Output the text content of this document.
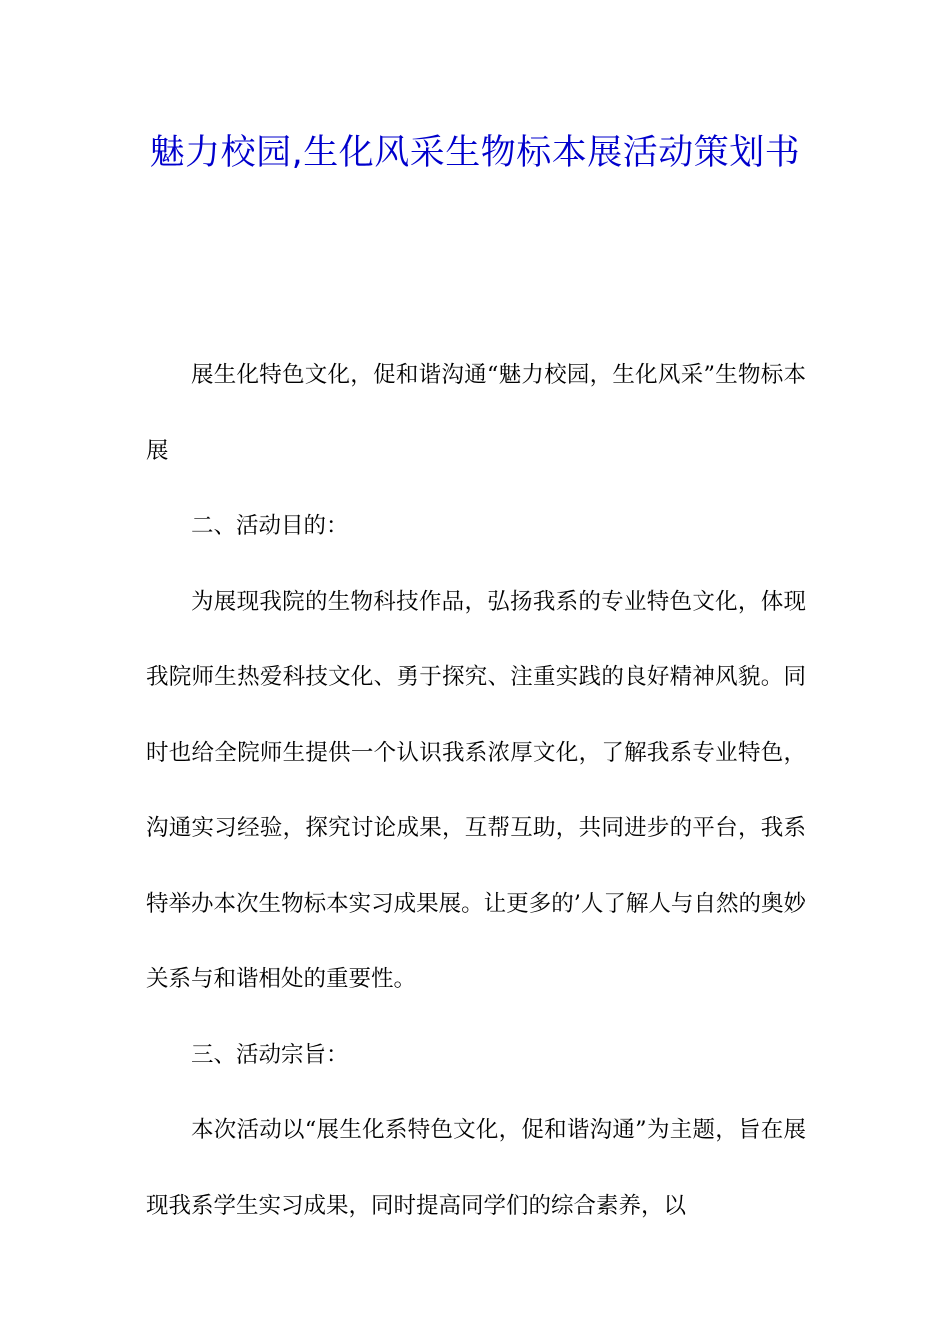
魅力校园,生化风采生物标本展活动策划书

展生化特色文化，促和谐沟通“魅力校园，生化风采”生物标本展

二、活动目的：

为展现我院的生物科技作品，弘扬我系的专业特色文化，体现我院师生热爱科技文化、勇于探究、注重实践的良好精神风貌。同时也给全院师生提供一个认识我系浓厚文化，了解我系专业特色，沟通实习经验，探究讨论成果，互帮互助，共同进步的平台，我系特举办本次生物标本实习成果展。让更多的’人了解人与自然的奥妙关系与和谐相处的重要性。

三、活动宗旨：

本次活动以“展生化系特色文化，促和谐沟通”为主题，旨在展现我系学生实习成果，同时提高同学们的综合素养，以
